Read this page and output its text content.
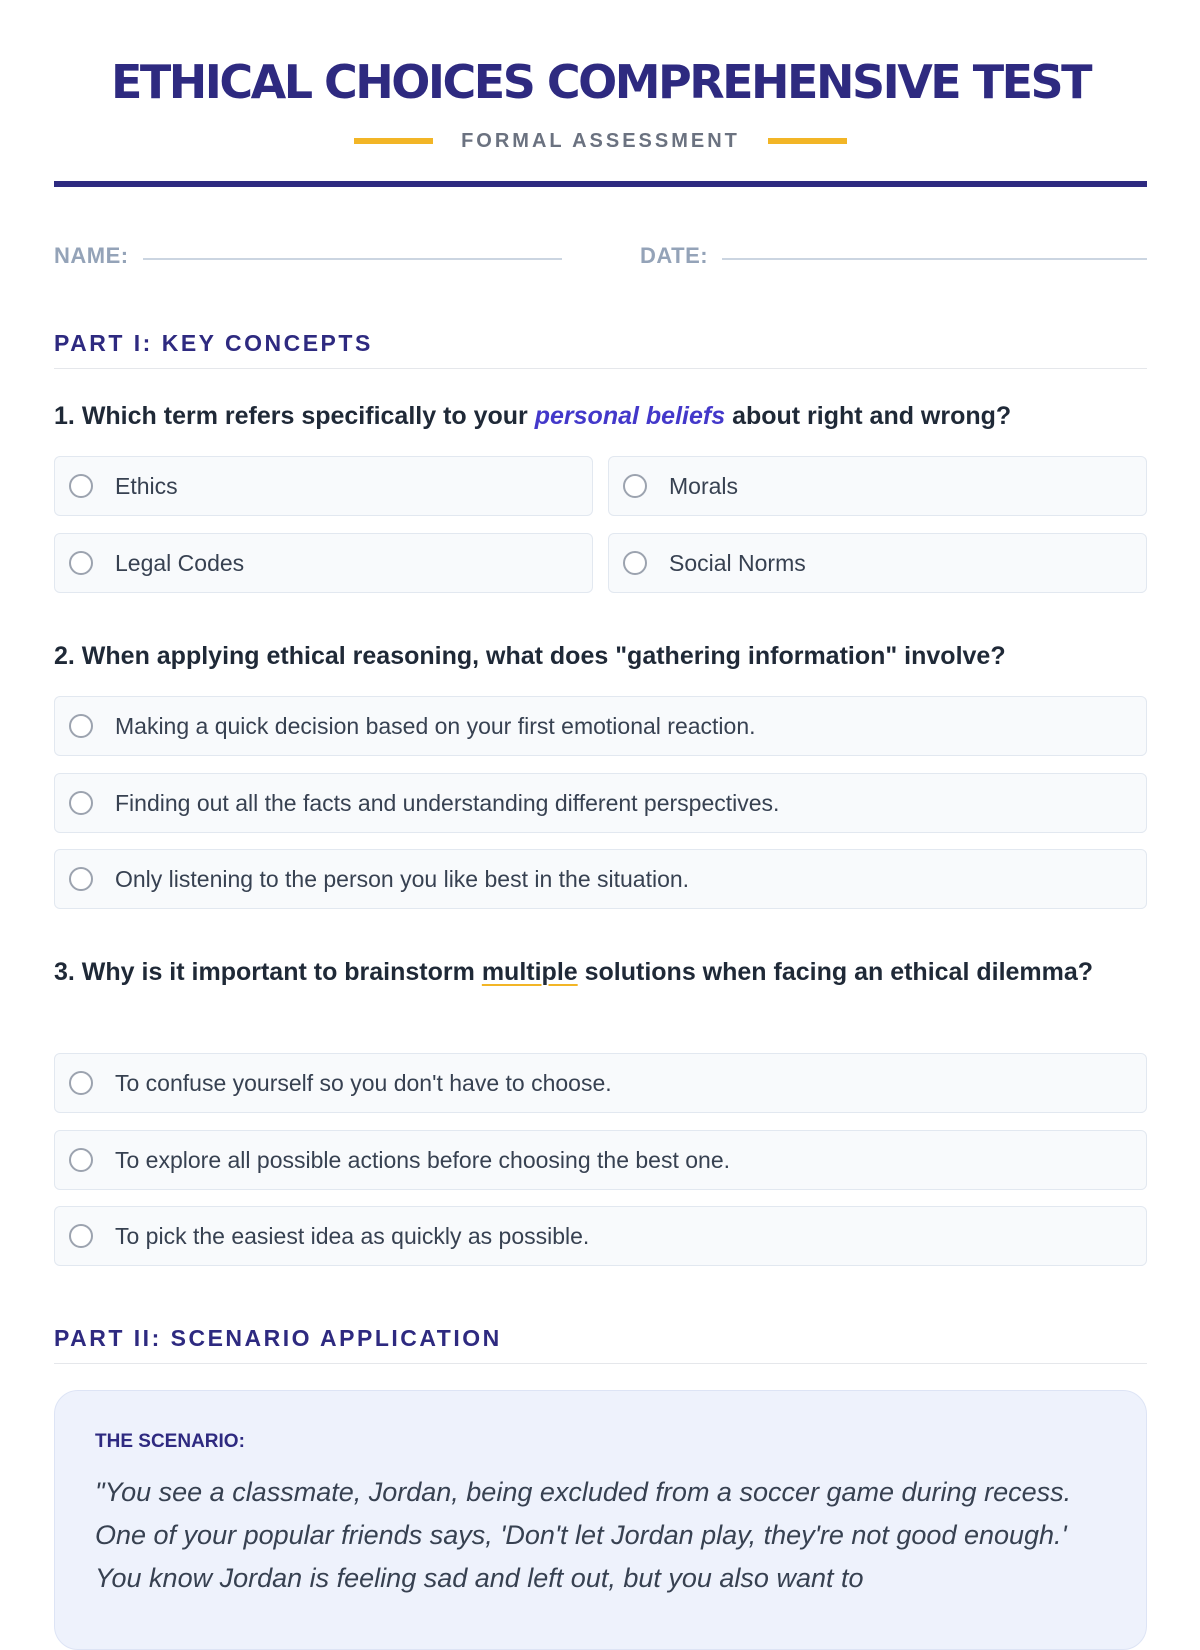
ETHICAL CHOICES COMPREHENSIVE TEST
FORMAL ASSESSMENT
NAME:	DATE:
PART I: KEY CONCEPTS
1. Which term refers specifically to your personal beliefs about right and wrong?
Ethics	Morals
Legal Codes	Social Norms
2. When applying ethical reasoning, what does "gathering information" involve?
Making a quick decision based on your first emotional reaction.
Finding out all the facts and understanding different perspectives.
Only listening to the person you like best in the situation.
3. Why is it important to brainstorm multiple solutions when facing an ethical dilemma?
To confuse yourself so you don't have to choose.
To explore all possible actions before choosing the best one.
To pick the easiest idea as quickly as possible.
PART II: SCENARIO APPLICATION
THE SCENARIO:
"You see a classmate, Jordan, being excluded from a soccer game during recess. One of your popular friends says, 'Don't let Jordan play, they're not good enough.' You know Jordan is feeling sad and left out, but you also want to
